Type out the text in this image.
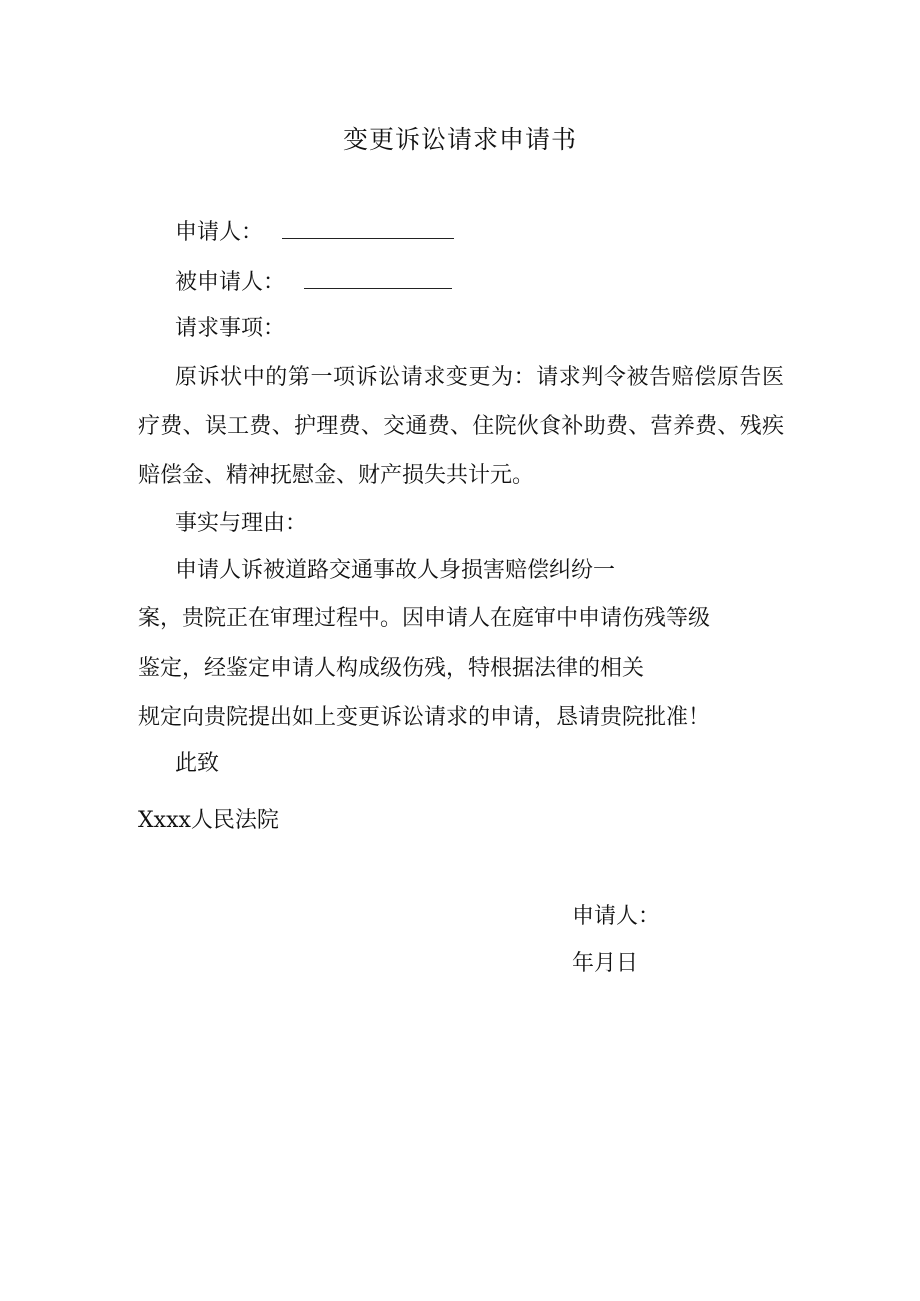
变更诉讼请求申请书
申请人：
被申请人：
请求事项：
原诉状中的第一项诉讼请求变更为：请求判令被告赔偿原告医疗费、误工费、护理费、交通费、住院伙食补助费、营养费、残疾赔偿金、精神抚慰金、财产损失共计元。
事实与理由：
申请人诉被道路交通事故人身损害赔偿纠纷一
案，贵院正在审理过程中。因申请人在庭审中申请伤残等级
鉴定，经鉴定申请人构成级伤残，特根据法律的相关
规定向贵院提出如上变更诉讼请求的申请，恳请贵院批准！
此致
Xxxx人民法院
申请人：
年月日
